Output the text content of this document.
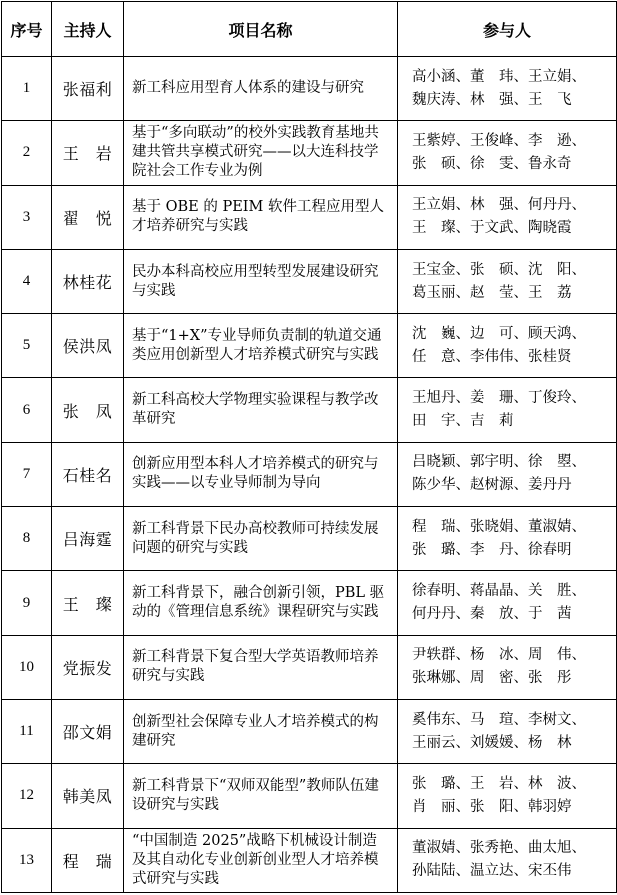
序号	主持人	项目名称	参与人
1	张福利	新工科应用型育人体系的建设与研究	高小涵、董　玮、王立娟、
魏庆涛、林　强、王　飞

2	王　岩	基于“多向联动”的校外实践教育基地共建共管共享模式研究——以大连科技学院社会工作专业为例	王紫婷、王俊峰、李　逊、
张　硕、徐　雯、鲁永奇

3	翟　悦	基于 OBE 的 PEIM 软件工程应用型人才培养研究与实践	王立娟、林　强、何丹丹、
王　璨、于文武、陶晓霞

4	林桂花	民办本科高校应用型转型发展建设研究与实践	王宝金、张　硕、沈　阳、
葛玉丽、赵　莹、王　荔

5	侯洪凤	基于“1+X”专业导师负责制的轨道交通类应用创新型人才培养模式研究与实践	沈　巍、边　可、顾天鸿、
任　意、李伟伟、张桂贤

6	张　凤	新工科高校大学物理实验课程与教学改革研究	王旭丹、姜　珊、丁俊玲、
田　宇、吉　莉

7	石桂名	创新应用型本科人才培养模式的研究与实践——以专业导师制为导向	吕晓颖、郭宇明、徐　曌、
陈少华、赵树源、姜丹丹

8	吕海霆	新工科背景下民办高校教师可持续发展问题的研究与实践	程　瑞、张晓娟、董淑婧、
张　璐、李　丹、徐春明

9	王　璨	新工科背景下，融合创新引领，PBL 驱动的《管理信息系统》课程研究与实践	徐春明、蒋晶晶、关　胜、
何丹丹、秦　放、于　茜

10	党振发	新工科背景下复合型大学英语教师培养研究与实践	尹轶群、杨　冰、周　伟、
张琳娜、周　密、张　彤

11	邵文娟	创新型社会保障专业人才培养模式的构建研究	奚伟东、马　瑄、李树文、
王丽云、刘媛媛、杨　林

12	韩美凤	新工科背景下“双师双能型”教师队伍建设研究与实践	张　璐、王　岩、林　波、
肖　丽、张　阳、韩羽婷

13	程　瑞	“中国制造 2025”战略下机械设计制造及其自动化专业创新创业型人才培养模式研究与实践	董淑婧、张秀艳、曲太旭、
孙陆陆、温立达、宋丕伟
